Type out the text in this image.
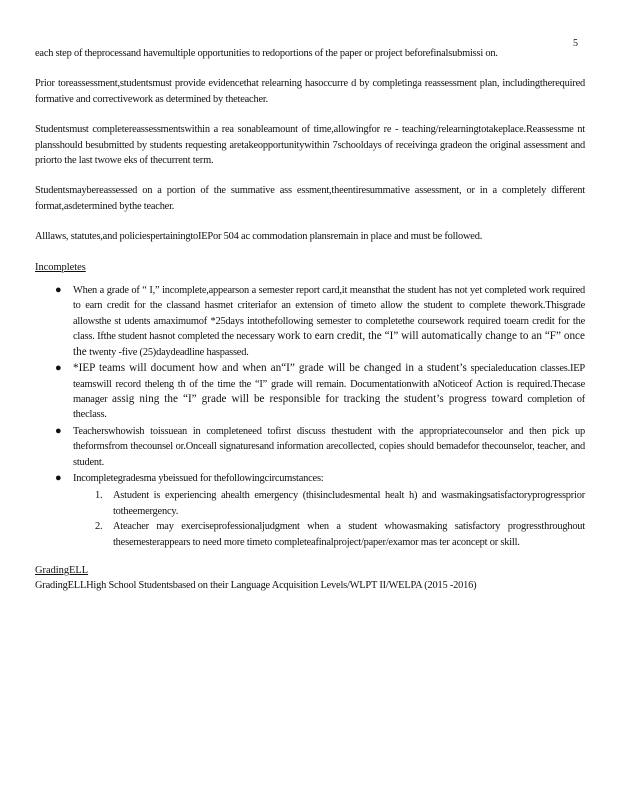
5

each step of theprocessand havemultiple opportunities to redoportions of the paper or project beforefinalsubmissi on.

Prior toreassessment,studentsmust provide evidencethat relearning hasoccurre d by completinga reassessment plan, includingtherequired formative and correctivework as determined by theteacher.

Studentsmust completereassessmentswithin a rea sonableamount of time,allowingfor re - teaching/relearningtotakeplace.Reassessme nt plansshould besubmitted by students requesting aretakeopportunitywithin 7schooldays of receivinga gradeon the original assessment and priorto the last twowe eks of thecurrent term.

Studentsmaybereassessed on a portion of the summative ass essment,theentiresummative assessment, or in a completely different format,asdetermined bythe teacher.

Alllaws, statutes,and policiespertainingtoIEPor 504 ac commodation plansremain in place and must be followed.

Incompletes
● When a grade of “ I,” incomplete,appearson a semester report card,it meansthat the student has not yet completed work required to earn credit for the classand hasmet criteriafor an extension of timeto allow the student to complete thework.Thisgrade allowsthe st udents amaximumof *25days intothefollowing semester to completethe coursework required toearn credit for the class. Ifthe student hasnot completed the necessary work to earn credit, the “I” will automatically change to an “F” once the twenty -five (25)daydeadline haspassed.
● *IEP teams will document how and when an“I” grade will be changed in a student’s specialeducation classes.IEP teamswill record theleng th of the time the “I” grade will remain. Documentationwith aNoticeof Action is required.Thecase manager assig ning the “I” grade will be responsible for tracking the student’s progress toward completion of theclass.
● Teacherswhowish toissuean in completeneed tofirst discuss thestudent with the appropriatecounselor and then pick up theformsfrom thecounsel or.Onceall signaturesand information arecollected, copies should bemadefor thecounselor, teacher, and student.
● Incompletegradesma ybeissued for thefollowingcircumstances:
1. Astudent is experiencing ahealth emergency (thisincludesmental healt h) and wasmakingsatisfactoryprogressprior totheemergency.
2. Ateacher may exerciseprofessionaljudgment when a student whowasmaking satisfactory progressthroughout thesemesterappears to need more timeto completeafinalproject/paper/examor mas ter aconcept or skill.
GradingELL
GradingELLHigh School Studentsbased on their Language Acquisition Levels/WLPT II/WELPA (2015 -2016)
